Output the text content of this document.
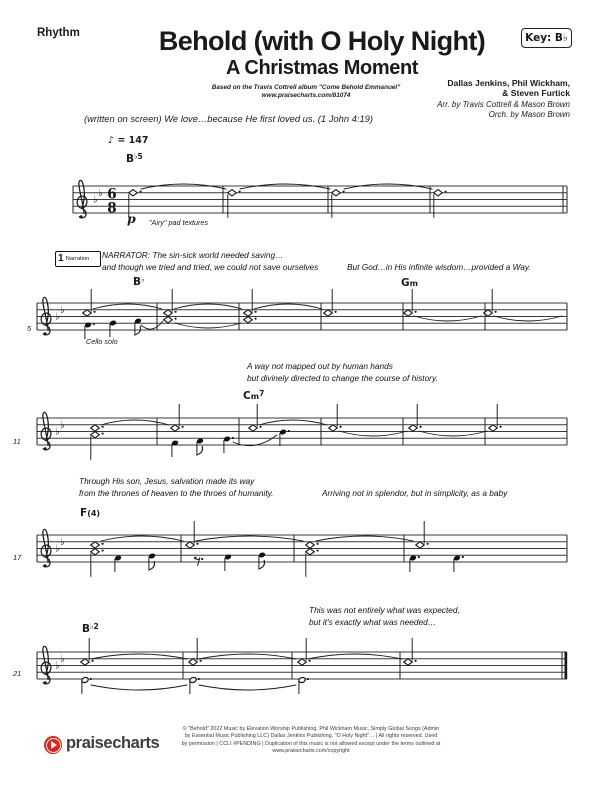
Rhythm	Behold (with O Holy Night)
A Christmas Moment
Based on the Travis Cottrell album "Come Behold Emmanuel"
www.praisecharts.com/81074
Key: B♭
Dallas Jenkins, Phil Wickham,
& Steven Furtick
Arr. by Travis Cottrell & Mason Brown
Orch. by Mason Brown
(written on screen) We love…because He first loved us. (1 John 4:19)
♪ = 147
$B^{♭5}$
B♭	Gm
Cm$^7$
F(4)
$B^{♭2}$
1 Narration NARRATOR: The sin-sick world needed saving…
and though we tried and tried, we could not save ourselves	But God…in His infinite wisdom…provided a Way.
A way not mapped out by human hands
but divinely directed to change the course of history.
Through His son, Jesus, salvation made its way
from the thrones of heaven to the throes of humanity.	Arriving not in splendor, but in simplicity, as a baby
This was not entirely what was expected,
but it's exactly what was needed…
5
11
17
21
p "Airy" pad textures
Cello solo
♭
♭ 6
8
♭
♭
♭
♭
♭
♭
♭
♭
praisecharts
© "Behold" 2022 Music by Elevation Worship Publishing, Phil Wickham Music, Simply Global Songs (Admin
by Essential Music Publishing LLC) Dallas Jenkins Publishing. "O Holy Night"… | All rights reserved. Used
by permission | CCLI #PENDING | Duplication of this music is not allowed except under the terms outlined at
www.praisecharts.com/copyright
